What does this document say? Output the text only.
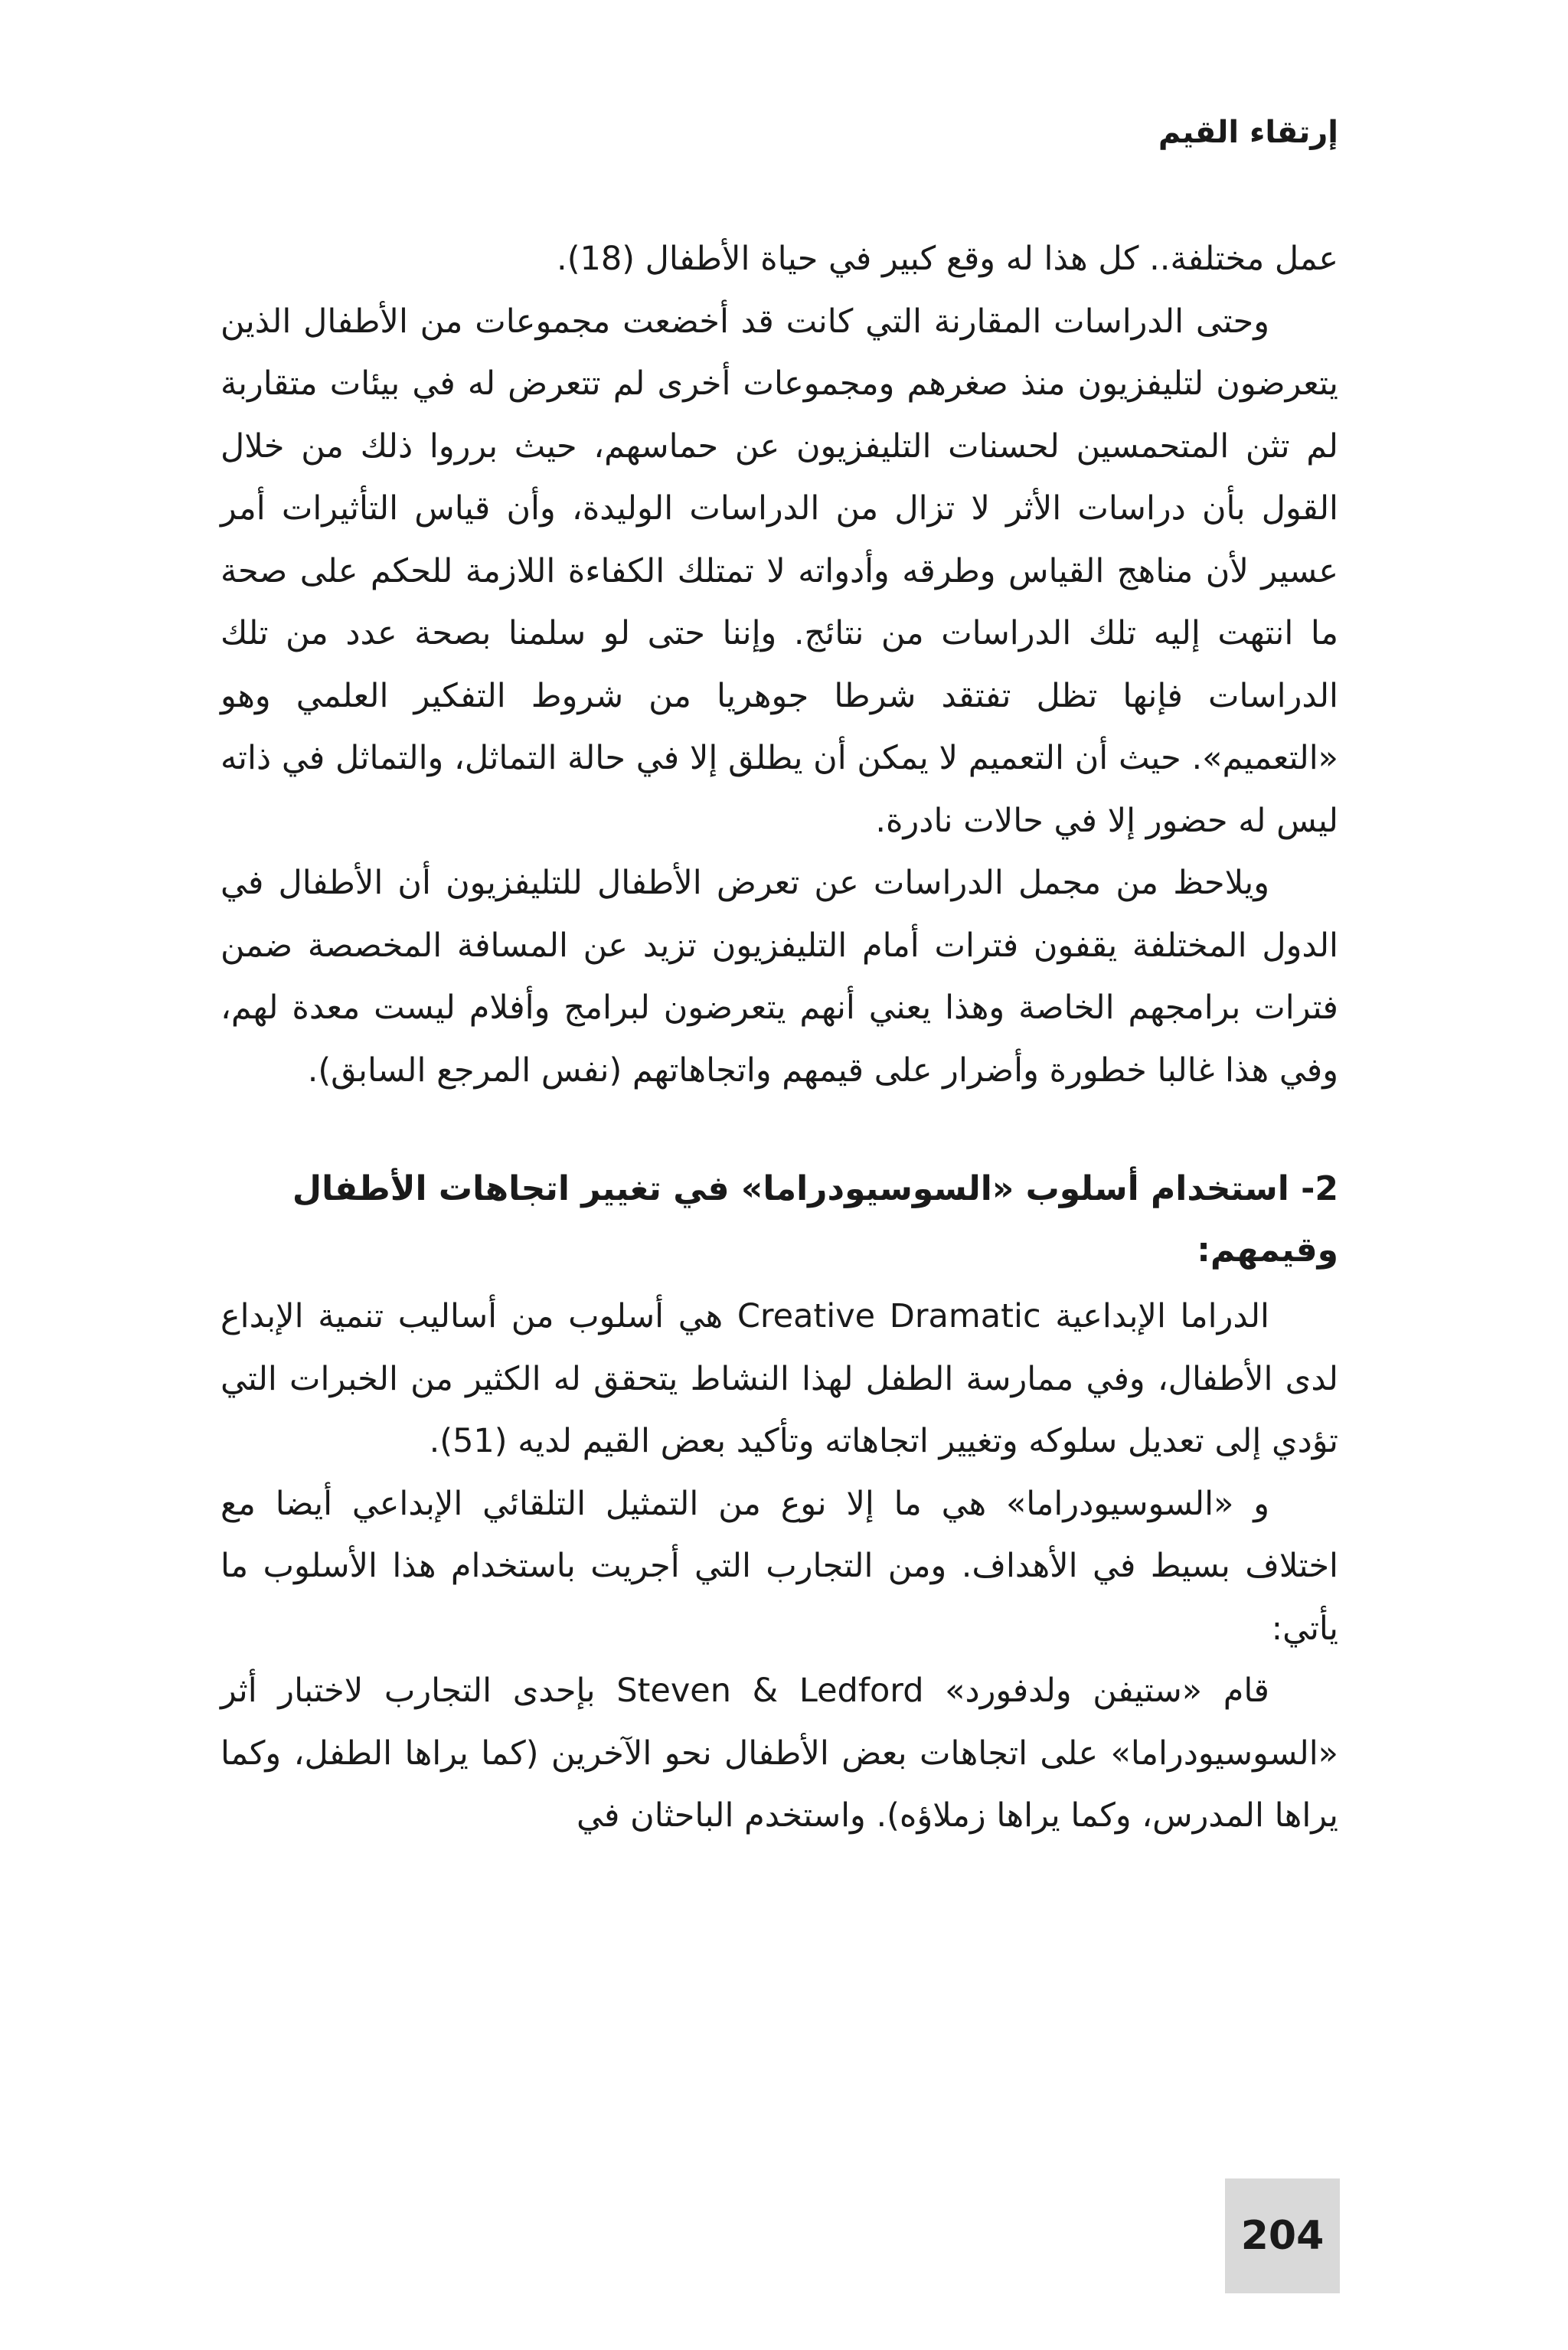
إرتقاء القيم

عمل مختلفة.. كل هذا له وقع كبير في حياة الأطفال (18).

وحتى الدراسات المقارنة التي كانت قد أخضعت مجموعات من الأطفال الذين يتعرضون لتليفزيون منذ صغرهم ومجموعات أخرى لم تتعرض له في بيئات متقاربة لم تثن المتحمسين لحسنات التليفزيون عن حماسهم، حيث برروا ذلك من خلال القول بأن دراسات الأثر لا تزال من الدراسات الوليدة، وأن قياس التأثيرات أمر عسير لأن مناهج القياس وطرقه وأدواته لا تمتلك الكفاءة اللازمة للحكم على صحة ما انتهت إليه تلك الدراسات من نتائج. وإننا حتى لو سلمنا بصحة عدد من تلك الدراسات فإنها تظل تفتقد شرطا جوهريا من شروط التفكير العلمي وهو «التعميم». حيث أن التعميم لا يمكن أن يطلق إلا في حالة التماثل، والتماثل في ذاته ليس له حضور إلا في حالات نادرة.

ويلاحظ من مجمل الدراسات عن تعرض الأطفال للتليفزيون أن الأطفال في الدول المختلفة يقفون فترات أمام التليفزيون تزيد عن المسافة المخصصة ضمن فترات برامجهم الخاصة وهذا يعني أنهم يتعرضون لبرامج وأفلام ليست معدة لهم، وفي هذا غالبا خطورة وأضرار على قيمهم واتجاهاتهم (نفس المرجع السابق).

2- استخدام أسلوب «السوسيودراما» في تغيير اتجاهات الأطفال وقيمهم:

الدراما الإبداعية Creative Dramatic هي أسلوب من أساليب تنمية الإبداع لدى الأطفال، وفي ممارسة الطفل لهذا النشاط يتحقق له الكثير من الخبرات التي تؤدي إلى تعديل سلوكه وتغيير اتجاهاته وتأكيد بعض القيم لديه (51).

و «السوسيودراما» هي ما إلا نوع من التمثيل التلقائي الإبداعي أيضا مع اختلاف بسيط في الأهداف. ومن التجارب التي أجريت باستخدام هذا الأسلوب ما يأتي:

قام «ستيفن ولدفورد» Steven & Ledford بإحدى التجارب لاختبار أثر «السوسيودراما» على اتجاهات بعض الأطفال نحو الآخرين (كما يراها الطفل، وكما يراها المدرس، وكما يراها زملاؤه). واستخدم الباحثان في

204
